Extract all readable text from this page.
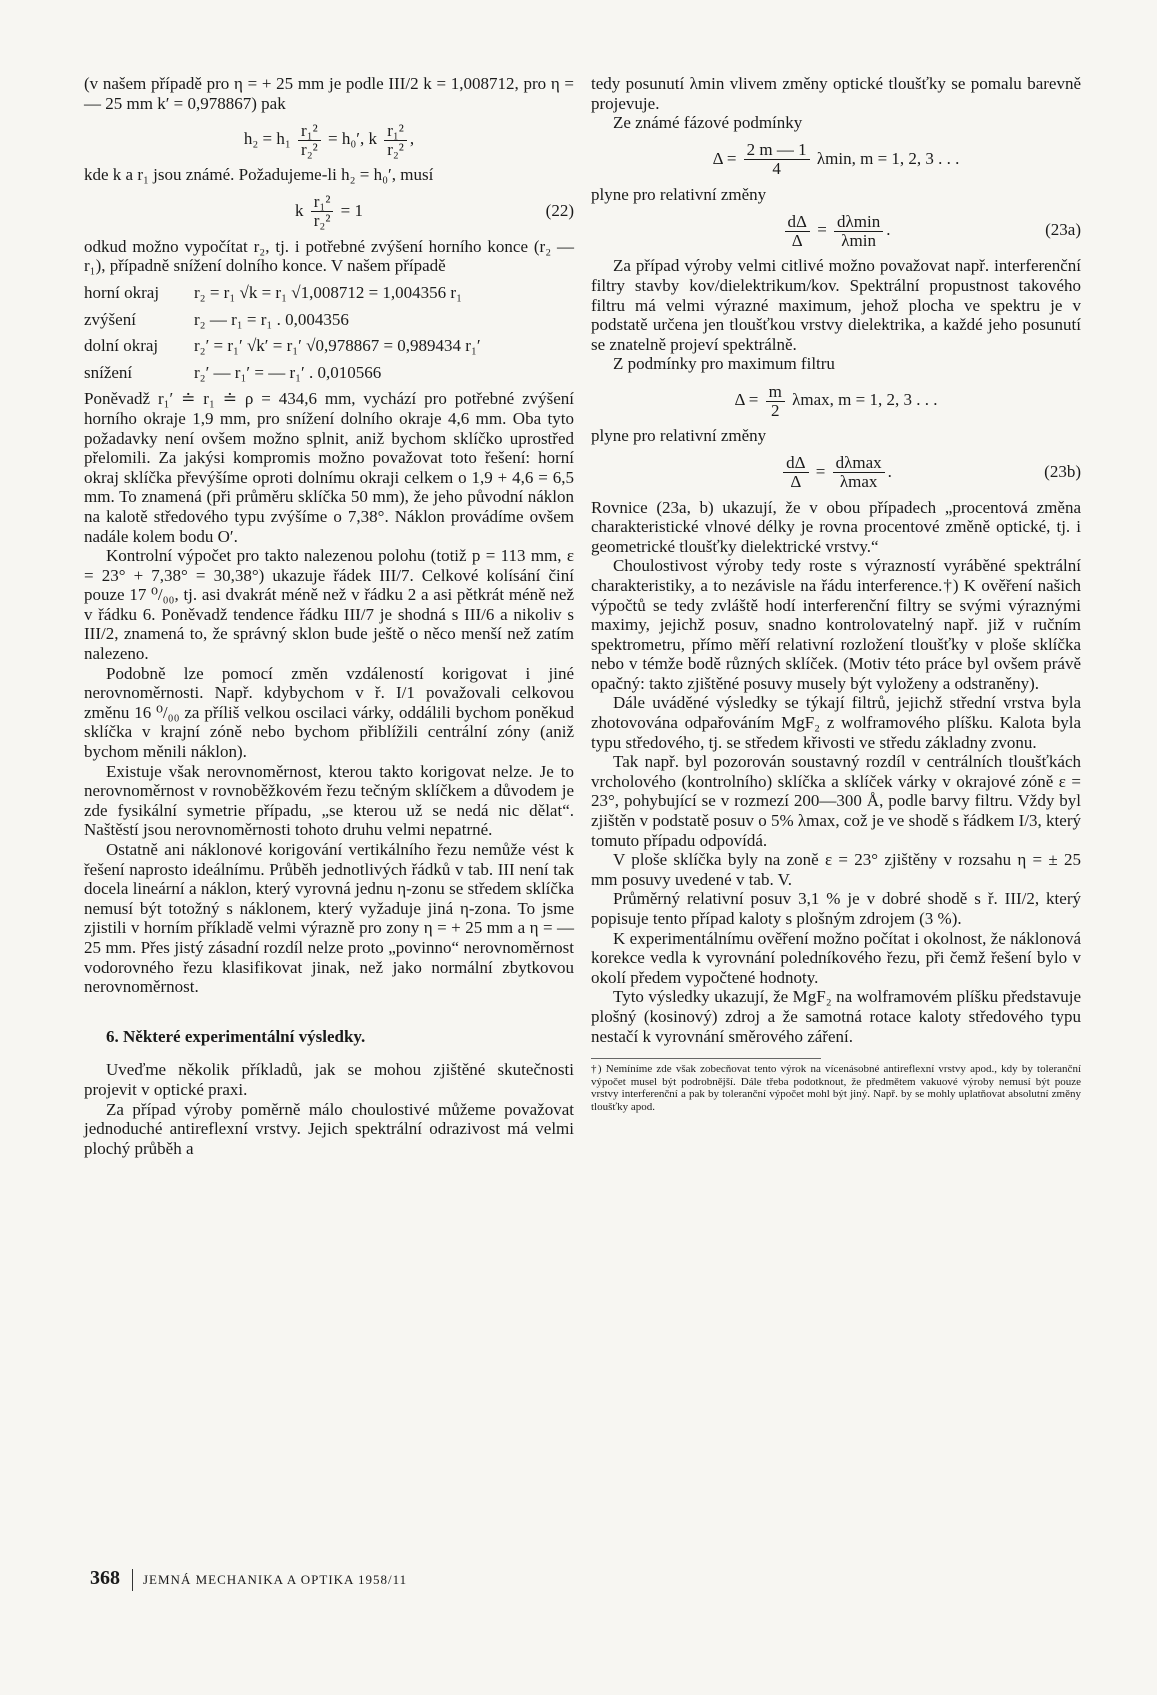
(v našem případě pro η = + 25 mm je podle III/2 k = 1,008712, pro η = — 25 mm k′ = 0,978867) pak

$h_2 = h_1 \frac{\text{r₁²}}{\text{r₂²}} = h_0'$, k $\frac{\text{r₁²}}{\text{r₂²}}$ ,

kde k a r₁ jsou známé. Požadujeme-li h₂ = h₀′, musí

k $\frac{\text{r₁²}}{\text{r₂²}} = 1$	(22)

odkud možno vypočítat r₂, tj. i potřebné zvýšení horního konce (r₂ — r₁), případně snížení dolního konce. V našem případě

horní okraj	r₂ = r₁ √k = r₁ √1,008712 = 1,004356 r₁
zvýšení	r₂ — r₁ = r₁ . 0,004356
dolní okraj	r₂′ = r₁′ √k′ = r₁′ √0,978867 = 0,989434 r₁′
snížení	r₂′ — r₁′ = — r₁′ . 0,010566

Poněvadž r₁′ ≐ r₁ ≐ ρ = 434,6 mm, vychází pro potřebné zvýšení horního okraje 1,9 mm, pro snížení dolního okraje 4,6 mm. Oba tyto požadavky není ovšem možno splnit, aniž bychom sklíčko uprostřed přelomili. Za jakýsi kompromis možno považovat toto řešení: horní okraj sklíčka převýšíme oproti dolnímu okraji celkem o 1,9 + 4,6 = 6,5 mm. To znamená (při průměru sklíčka 50 mm), že jeho původní náklon na kalotě středového typu zvýšíme o 7,38°. Náklon provádíme ovšem nadále kolem bodu O′.

Kontrolní výpočet pro takto nalezenou polohu (totiž p = 113 mm, ε = 23° + 7,38° = 30,38°) ukazuje řádek III/7. Celkové kolísání činí pouze 17 ⁰/₀₀, tj. asi dvakrát méně než v řádku 2 a asi pětkrát méně než v řádku 6. Poněvadž tendence řádku III/7 je shodná s III/6 a nikoliv s III/2, znamená to, že správný sklon bude ještě o něco menší než zatím nalezeno.

Podobně lze pomocí změn vzdáleností korigovat i jiné nerovnoměrnosti. Např. kdybychom v ř. I/1 považovali celkovou změnu 16 ⁰/₀₀ za příliš velkou oscilaci várky, oddálili bychom poněkud sklíčka v krajní zóně nebo bychom přiblížili centrální zóny (aniž bychom měnili náklon).

Existuje však nerovnoměrnost, kterou takto korigovat nelze. Je to nerovnoměrnost v rovnoběžkovém řezu tečným sklíčkem a důvodem je zde fysikální symetrie případu, „se kterou už se nedá nic dělat“. Naštěstí jsou nerovnoměrnosti tohoto druhu velmi nepatrné.

Ostatně ani náklonové korigování vertikálního řezu nemůže vést k řešení naprosto ideálnímu. Průběh jednotlivých řádků v tab. III není tak docela lineární a náklon, který vyrovná jednu η-zonu se středem sklíčka nemusí být totožný s náklonem, který vyžaduje jiná η-zona. To jsme zjistili v horním příkladě velmi výrazně pro zony η = + 25 mm a η = — 25 mm. Přes jistý zásadní rozdíl nelze proto „povinno“ nerovnoměrnost vodorovného řezu klasifikovat jinak, než jako normální zbytkovou nerovnoměrnost.

6. Některé experimentální výsledky.

Uveďme několik příkladů, jak se mohou zjištěné skutečnosti projevit v optické praxi.

Za případ výroby poměrně málo choulostivé můžeme považovat jednoduché antireflexní vrstvy. Jejich spektrální odrazivost má velmi plochý průběh a

tedy posunutí λmin vlivem změny optické tloušťky se pomalu barevně projevuje.

Ze známé fázové podmínky

$\Delta = \frac{2 m — 1}{4} \lambda\min$, m = 1, 2, 3 . . .

plyne pro relativní změny

$\frac{d\Delta}{\Delta} = \frac{d\lambda\min}{\lambda\min}$ .	(23a)

Za případ výroby velmi citlivé možno považovat např. interferenční filtry stavby kov/dielektrikum/kov. Spektrální propustnost takového filtru má velmi výrazné maximum, jehož plocha ve spektru je v podstatě určena jen tloušťkou vrstvy dielektrika, a každé jeho posunutí se znatelně projeví spektrálně.

Z podmínky pro maximum filtru

$\Delta = \frac{m}{2} \lambda\max$, m = 1, 2, 3 . . .

plyne pro relativní změny

$\frac{d\Delta}{\Delta} = \frac{d\lambda\max}{\lambda\max}$ .	(23b)

Rovnice (23a, b) ukazují, že v obou případech „procentová změna charakteristické vlnové délky je rovna procentové změně optické, tj. i geometrické tloušťky dielektrické vrstvy.“

Choulostivost výroby tedy roste s výrazností vyráběné spektrální charakteristiky, a to nezávisle na řádu interference.†) K ověření našich výpočtů se tedy zvláště hodí interferenční filtry se svými výraznými maximy, jejichž posuv, snadno kontrolovatelný např. již v ručním spektrometru, přímo měří relativní rozložení tloušťky v ploše sklíčka nebo v témže bodě různých sklíček. (Motiv této práce byl ovšem právě opačný: takto zjištěné posuvy musely být vyloženy a odstraněny).

Dále uváděné výsledky se týkají filtrů, jejichž střední vrstva byla zhotovována odpařováním MgF₂ z wolframového plíšku. Kalota byla typu středového, tj. se středem křivosti ve středu základny zvonu.

Tak např. byl pozorován soustavný rozdíl v centrálních tloušťkách vrcholového (kontrolního) sklíčka a sklíček várky v okrajové zóně ε = 23°, pohybující se v rozmezí 200—300 Å, podle barvy filtru. Vždy byl zjištěn v podstatě posuv o 5% λmax, což je ve shodě s řádkem I/3, který tomuto případu odpovídá.

V ploše sklíčka byly na zoně ε = 23° zjištěny v rozsahu η = ± 25 mm posuvy uvedené v tab. V.

Průměrný relativní posuv 3,1 % je v dobré shodě s ř. III/2, který popisuje tento případ kaloty s plošným zdrojem (3 %).

K experimentálnímu ověření možno počítat i okolnost, že náklonová korekce vedla k vyrovnání poledníkového řezu, při čemž řešení bylo v okolí předem vypočtené hodnoty.

Tyto výsledky ukazují, že MgF₂ na wolframovém plíšku představuje plošný (kosinový) zdroj a že samotná rotace kaloty středového typu nestačí k vyrovnání směrového záření.

†) Nemíníme zde však zobecňovat tento výrok na vícenásobné antireflexní vrstvy apod., kdy by toleranční výpočet musel být podrobnější. Dále třeba podotknout, že předmětem vakuové výroby nemusí být pouze vrstvy interferenční a pak by toleranční výpočet mohl být jiný. Např. by se mohly uplatňovat absolutní změny tloušťky apod.
368 JEMNÁ MECHANIKA A OPTIKA 1958/11
